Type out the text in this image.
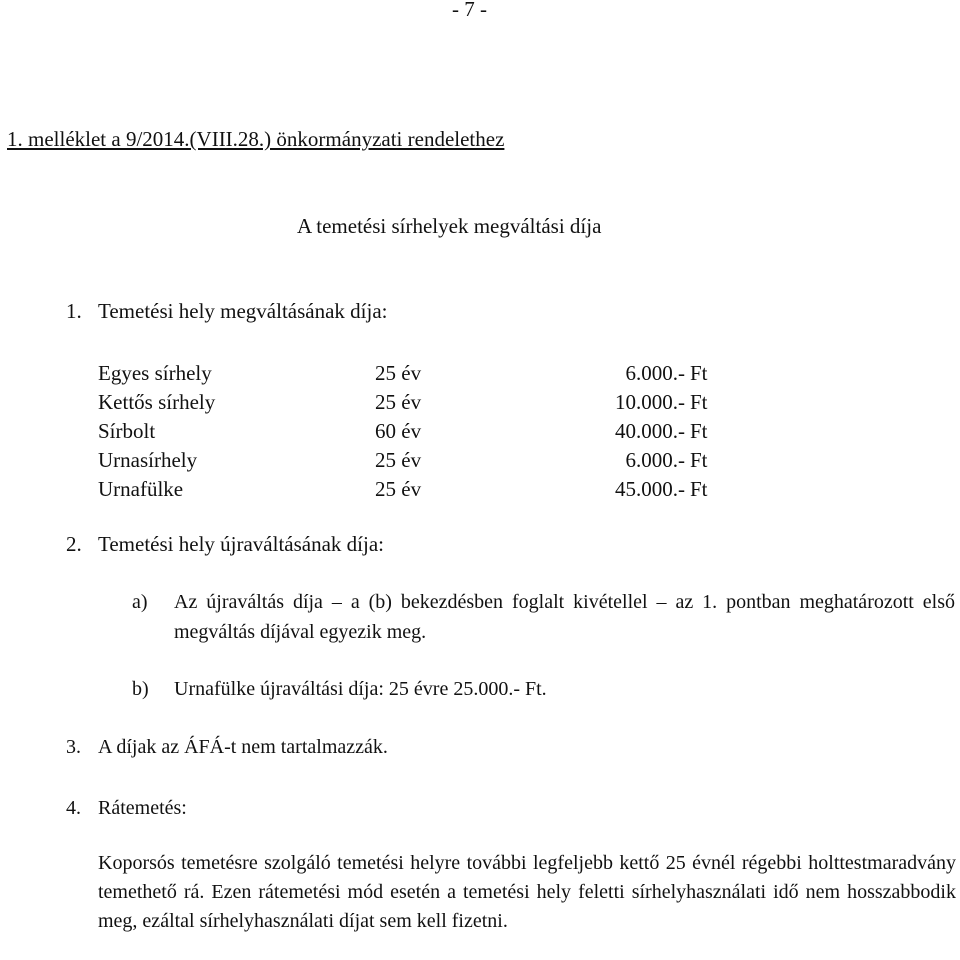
- 7 -
1. melléklet a 9/2014.(VIII.28.) önkormányzati rendelethez
A temetési sírhelyek megváltási díja
1. Temetési hely megváltásának díja:
Egyes sírhely	25 év	6.000.- Ft
Kettős sírhely	25 év	10.000.- Ft
Sírbolt	60 év	40.000.- Ft
Urnasírhely	25 év	6.000.- Ft
Urnafülke	25 év	45.000.- Ft
2. Temetési hely újraváltásának díja:
a) Az újraváltás díja – a (b) bekezdésben foglalt kivétellel – az 1. pontban meghatározott első megváltás díjával egyezik meg.
b) Urnafülke újraváltási díja: 25 évre 25.000.- Ft.
3. A díjak az ÁFÁ-t nem tartalmazzák.
4. Rátemetés:
Koporsós temetésre szolgáló temetési helyre további legfeljebb kettő 25 évnél régebbi holttestmaradvány temethető rá. Ezen rátemetési mód esetén a temetési hely feletti sírhelyhasználati idő nem hosszabbodik meg, ezáltal sírhelyhasználati díjat sem kell fizetni.
